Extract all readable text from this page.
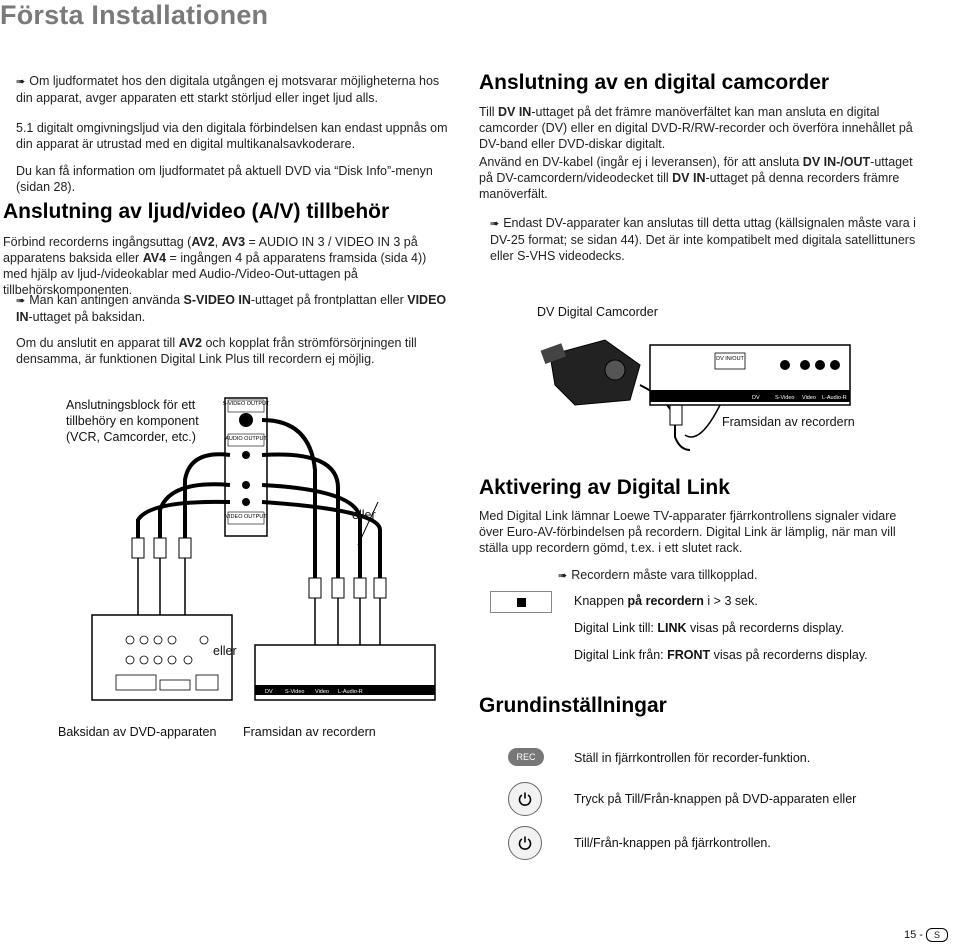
Första Installationen
➠ Om ljudformatet hos den digitala utgången ej motsvarar möjligheterna hos din apparat, avger apparaten ett starkt störljud eller inget ljud alls.
5.1 digitalt omgivningsljud via den digitala förbindelsen kan endast uppnås om din apparat är utrustad med en digital multikanalsavkoderare.
Du kan få information om ljudformatet på aktuell DVD via “Disk Info”-menyn (sidan 28).
Anslutning av ljud/video (A/V) tillbehör
Förbind recorderns ingångsuttag (AV2, AV3 = AUDIO IN 3 / VIDEO IN 3 på apparatens baksida eller AV4 = ingången 4 på apparatens framsida (sida 4)) med hjälp av ljud-/videokablar med Audio-/Video-Out-uttagen på tillbehörskomponenten.
➠ Man kan antingen använda S-VIDEO IN-uttaget på frontplattan eller VIDEO IN-uttaget på baksidan.
Om du anslutit en apparat till AV2 och kopplat från strömförsörjningen till densamma, är funktionen Digital Link Plus till recordern ej möjlig.
Anslutningsblock för ett tillbehöry en komponent (VCR, Camcorder, etc.)
S-VIDEO OUTPUT
AUDIO OUTPUT
VIDEO OUTPUT
DV S-Video Video L-Audio-R
eller
eller
Baksidan av DVD-apparaten Framsidan av recordern
Anslutning av en digital camcorder
Till DV IN-uttaget på det främre manöverfältet kan man ansluta en digital camcorder (DV) eller en digital DVD-R/RW-recorder och överföra innehållet på DV-band eller DVD-diskar digitalt.
Använd en DV-kabel (ingår ej i leveransen), för att ansluta DV IN-/OUT-uttaget på DV-camcordern/videodecket till DV IN-uttaget på denna recorders främre manöverfält.
➠ Endast DV-apparater kan anslutas till detta uttag (källsignalen måste vara i DV-25 format; se sidan 44). Det är inte kompatibelt med digitala satellittuners eller S-VHS videodecks.
DV Digital Camcorder
DV IN/OUT
DV	S-Video Video L-Audio-R
Framsidan av recordern
Aktivering av Digital Link
Med Digital Link lämnar Loewe TV-apparater fjärrkontrollens signaler vidare över Euro-AV-förbindelsen på recordern. Digital Link är lämplig, när man vill ställa upp recordern gömd, t.ex. i ett slutet rack.
➠ Recordern måste vara tillkopplad.
Knappen på recordern i > 3 sek.
Digital Link till: LINK visas på recorderns display.
Digital Link från: FRONT visas på recorderns display.
Grundinställningar
REC	Ställ in fjärrkontrollen för recorder-funktion.
Tryck på Till/Från-knappen på DVD-apparaten eller
Till/Från-knappen på fjärrkontrollen.
15 -	S
